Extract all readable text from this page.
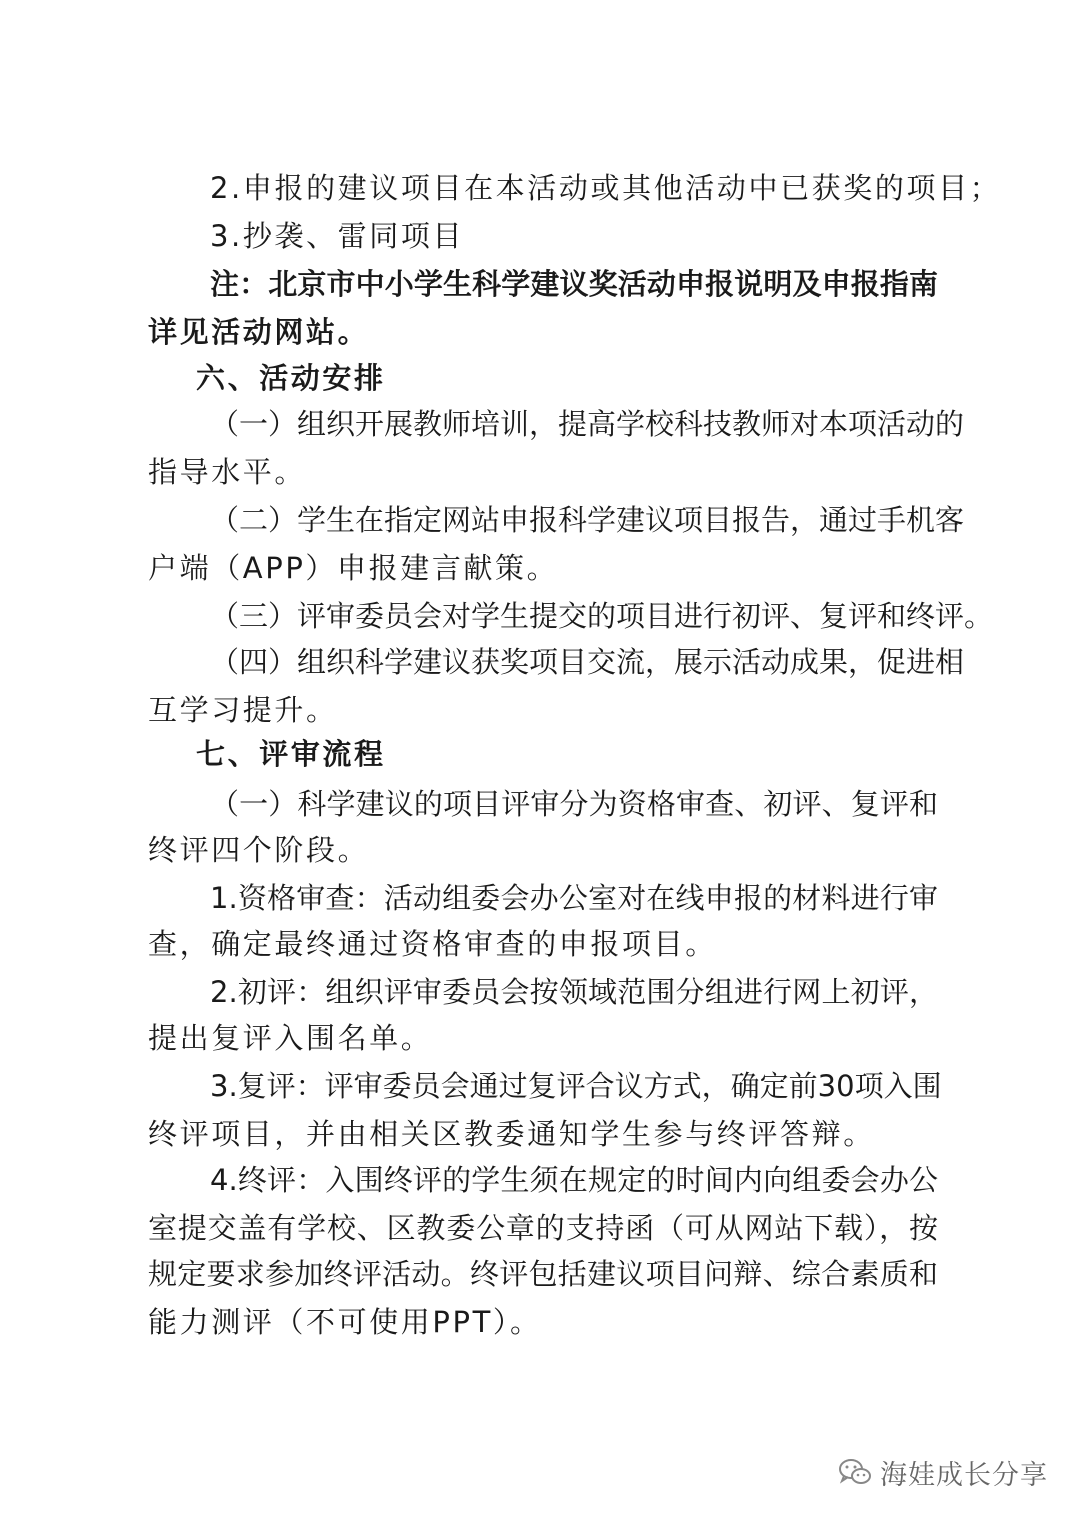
2.申报的建议项目在本活动或其他活动中已获奖的项目；
3.抄袭、雷同项目
注：北京市中小学生科学建议奖活动申报说明及申报指南
详见活动网站。
六、活动安排
（一）组织开展教师培训，提高学校科技教师对本项活动的
指导水平。
（二）学生在指定网站申报科学建议项目报告，通过手机客
户端（APP）申报建言献策。
（三）评审委员会对学生提交的项目进行初评、复评和终评。
（四）组织科学建议获奖项目交流，展示活动成果，促进相
互学习提升。
七、评审流程
（一）科学建议的项目评审分为资格审查、初评、复评和
终评四个阶段。
1.资格审查：活动组委会办公室对在线申报的材料进行审
查，确定最终通过资格审查的申报项目。
2.初评：组织评审委员会按领域范围分组进行网上初评，
提出复评入围名单。
3.复评：评审委员会通过复评合议方式，确定前30项入围
终评项目，并由相关区教委通知学生参与终评答辩。
4.终评：入围终评的学生须在规定的时间内向组委会办公
室提交盖有学校、区教委公章的支持函（可从网站下载），按
规定要求参加终评活动。终评包括建议项目问辩、综合素质和
能力测评（不可使用PPT）。
海娃成长分享
